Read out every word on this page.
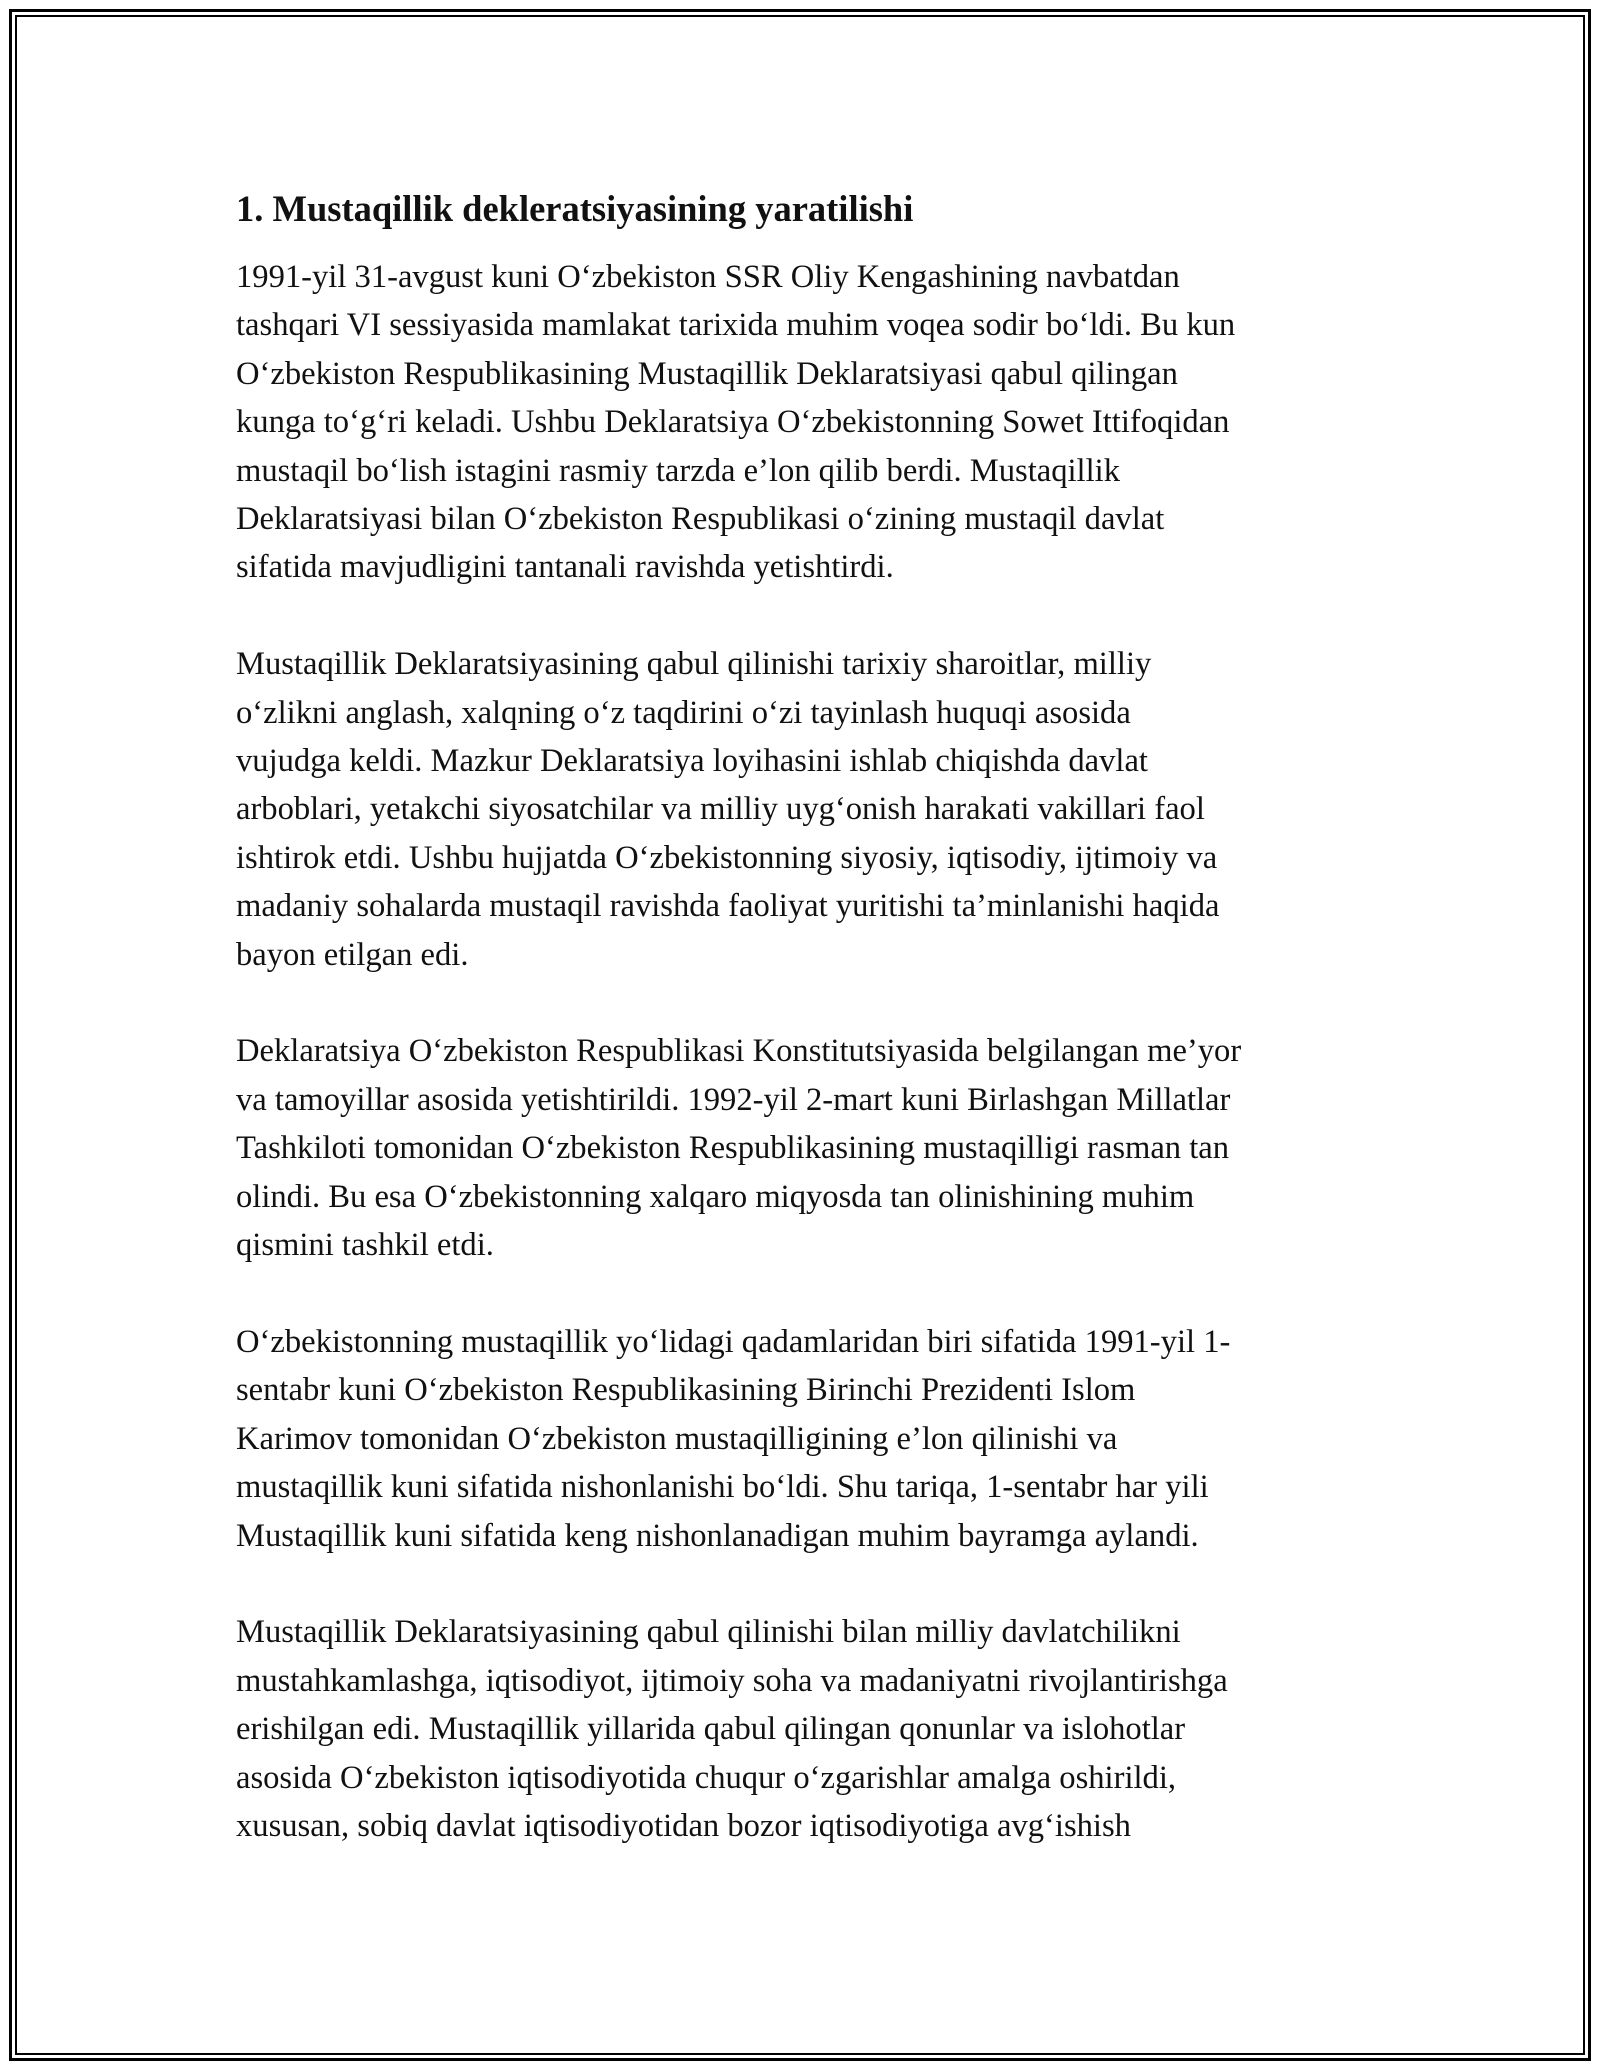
1. Mustaqillik dekleratsiyasining yaratilishi

1991-yil 31-avgust kuni O‘zbekiston SSR Oliy Kengashining navbatdan
tashqari VI sessiyasida mamlakat tarixida muhim voqea sodir bo‘ldi. Bu kun
O‘zbekiston Respublikasining Mustaqillik Deklaratsiyasi qabul qilingan
kunga to‘g‘ri keladi. Ushbu Deklaratsiya O‘zbekistonning Sowet Ittifoqidan
mustaqil bo‘lish istagini rasmiy tarzda e’lon qilib berdi. Mustaqillik
Deklaratsiyasi bilan O‘zbekiston Respublikasi o‘zining mustaqil davlat
sifatida mavjudligini tantanali ravishda yetishtirdi.

Mustaqillik Deklaratsiyasining qabul qilinishi tarixiy sharoitlar, milliy
o‘zlikni anglash, xalqning o‘z taqdirini o‘zi tayinlash huquqi asosida
vujudga keldi. Mazkur Deklaratsiya loyihasini ishlab chiqishda davlat
arboblari, yetakchi siyosatchilar va milliy uyg‘onish harakati vakillari faol
ishtirok etdi. Ushbu hujjatda O‘zbekistonning siyosiy, iqtisodiy, ijtimoiy va
madaniy sohalarda mustaqil ravishda faoliyat yuritishi ta’minlanishi haqida
bayon etilgan edi.

Deklaratsiya O‘zbekiston Respublikasi Konstitutsiyasida belgilangan me’yor
va tamoyillar asosida yetishtirildi. 1992-yil 2-mart kuni Birlashgan Millatlar
Tashkiloti tomonidan O‘zbekiston Respublikasining mustaqilligi rasman tan
olindi. Bu esa O‘zbekistonning xalqaro miqyosda tan olinishining muhim
qismini tashkil etdi.

O‘zbekistonning mustaqillik yo‘lidagi qadamlaridan biri sifatida 1991-yil 1-
sentabr kuni O‘zbekiston Respublikasining Birinchi Prezidenti Islom
Karimov tomonidan O‘zbekiston mustaqilligining e’lon qilinishi va
mustaqillik kuni sifatida nishonlanishi bo‘ldi. Shu tariqa, 1-sentabr har yili
Mustaqillik kuni sifatida keng nishonlanadigan muhim bayramga aylandi.

Mustaqillik Deklaratsiyasining qabul qilinishi bilan milliy davlatchilikni
mustahkamlashga, iqtisodiyot, ijtimoiy soha va madaniyatni rivojlantirishga
erishilgan edi. Mustaqillik yillarida qabul qilingan qonunlar va islohotlar
asosida O‘zbekiston iqtisodiyotida chuqur o‘zgarishlar amalga oshirildi,
xususan, sobiq davlat iqtisodiyotidan bozor iqtisodiyotiga avg‘ishish
